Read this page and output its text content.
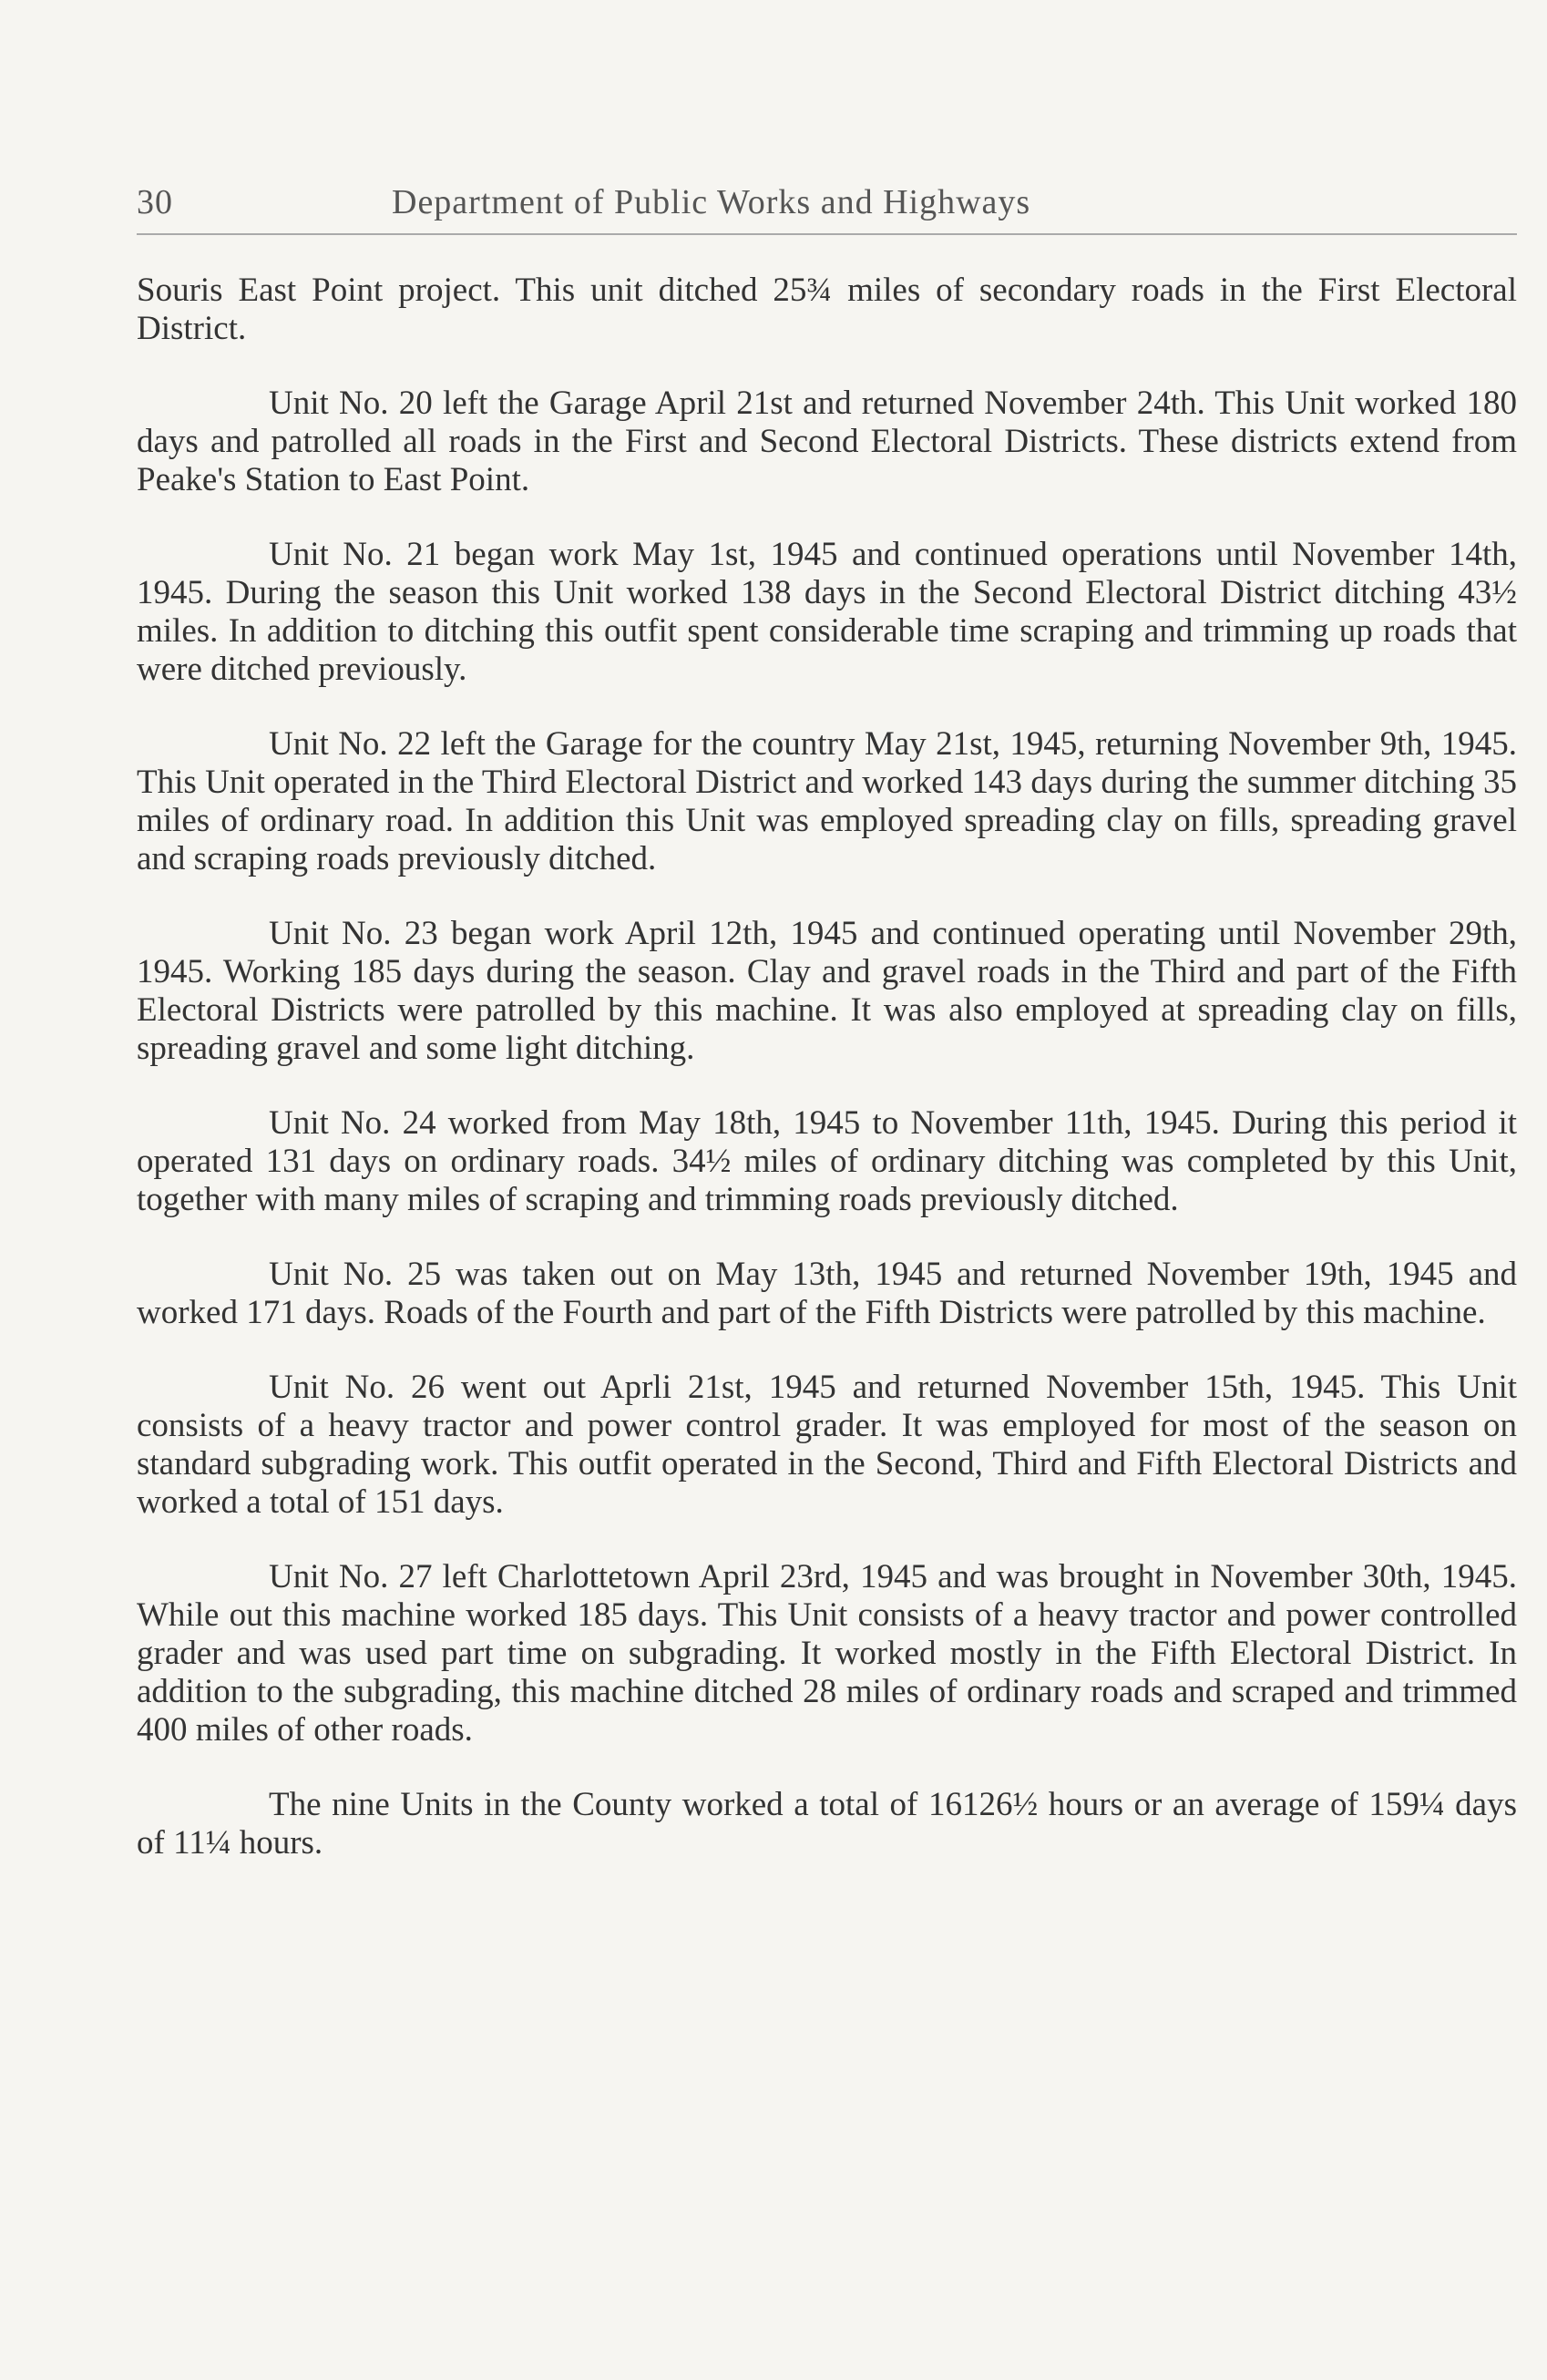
30	Department of Public Works and Highways

Souris East Point project. This unit ditched 25¾ miles of secondary roads in the First Electoral District.

Unit No. 20 left the Garage April 21st and returned November 24th. This Unit worked 180 days and patrolled all roads in the First and Second Electoral Districts. These districts extend from Peake's Station to East Point.

Unit No. 21 began work May 1st, 1945 and continued operations until November 14th, 1945. During the season this Unit worked 138 days in the Second Electoral District ditching 43½ miles. In addition to ditching this outfit spent considerable time scraping and trimming up roads that were ditched previously.

Unit No. 22 left the Garage for the country May 21st, 1945, returning November 9th, 1945. This Unit operated in the Third Electoral District and worked 143 days during the summer ditching 35 miles of ordinary road. In addition this Unit was employed spreading clay on fills, spreading gravel and scraping roads previously ditched.

Unit No. 23 began work April 12th, 1945 and continued operating until November 29th, 1945. Working 185 days during the season. Clay and gravel roads in the Third and part of the Fifth Electoral Districts were patrolled by this machine. It was also employed at spreading clay on fills, spreading gravel and some light ditching.

Unit No. 24 worked from May 18th, 1945 to November 11th, 1945. During this period it operated 131 days on ordinary roads. 34½ miles of ordinary ditching was completed by this Unit, together with many miles of scraping and trimming roads previously ditched.

Unit No. 25 was taken out on May 13th, 1945 and returned November 19th, 1945 and worked 171 days. Roads of the Fourth and part of the Fifth Districts were patrolled by this machine.

Unit No. 26 went out Aprli 21st, 1945 and returned November 15th, 1945. This Unit consists of a heavy tractor and power control grader. It was employed for most of the season on standard subgrading work. This outfit operated in the Second, Third and Fifth Electoral Districts and worked a total of 151 days.

Unit No. 27 left Charlottetown April 23rd, 1945 and was brought in November 30th, 1945. While out this machine worked 185 days. This Unit consists of a heavy tractor and power controlled grader and was used part time on subgrading. It worked mostly in the Fifth Electoral District. In addition to the subgrading, this machine ditched 28 miles of ordinary roads and scraped and trimmed 400 miles of other roads.

The nine Units in the County worked a total of 16126½ hours or an average of 159¼ days of 11¼ hours.
